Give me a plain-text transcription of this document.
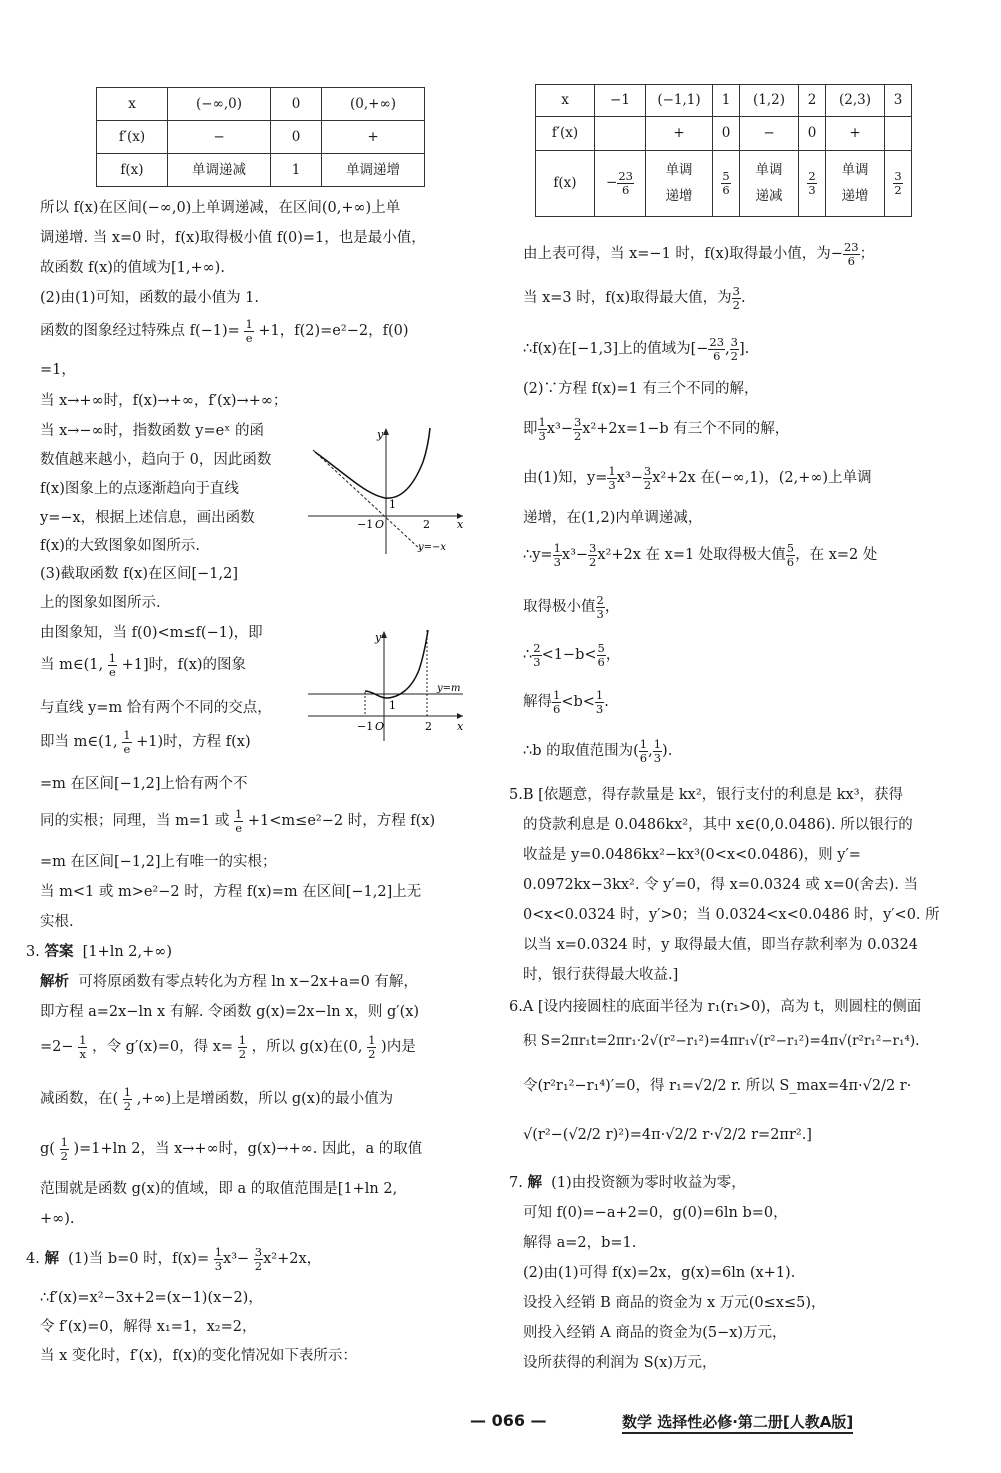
x	(−∞,0)	0	(0,+∞)
f′(x)	−	0	+
f(x)	单调递减	1	单调递增
所以 f(x)在区间(−∞,0)上单调递减，在区间(0,+∞)上单
调递增. 当 x=0 时，f(x)取得极小值 f(0)=1，也是最小值，
故函数 f(x)的值域为[1,+∞).
(2)由(1)可知，函数的最小值为 1.
函数的图象经过特殊点 $f(-1)= \frac{1}{e} +1$，f(2)=e²−2，f(0)
=1，
当 x→+∞时，f(x)→+∞，f′(x)→+∞；
当 x→−∞时，指数函数 y=eˣ 的函
数值越来越小，趋向于 0，因此函数
f(x)图象上的点逐渐趋向于直线
y=−x，根据上述信息，画出函数
f(x)的大致图象如图所示.
(3)截取函数 f(x)在区间[−1,2]
上的图象如图所示.
由图象知，当 f(0)<m≤f(−1)，即
当 m∈(1, $\frac{1}{e} +1$]时，f(x)的图象
与直线 y=m 恰有两个不同的交点，
即当 m∈(1, $\frac{1}{e} +1$)时，方程 f(x)
=m 在区间[−1,2]上恰有两个不
同的实根；同理，当 m=1 或 $\frac{1}{e} +1<m\le e^2-2$ 时，方程 f(x)
=m 在区间[−1,2]上有唯一的实根；
当 m<1 或 m>e²−2 时，方程 f(x)=m 在区间[−1,2]上无
实根.
3. 答案 [1+ln 2,+∞)
解析 可将原函数有零点转化为方程 ln x−2x+a=0 有解，
即方程 a=2x−ln x 有解. 令函数 g(x)=2x−ln x，则 g′(x)
$=2- \frac{1}{x}$ ，令 g′(x)=0，得 $x= \frac{1}{2}$ ，所以 g(x)在(0, $\frac{1}{2}$ )内是
减函数，在( $\frac{1}{2}$ ,+∞)上是增函数，所以 g(x)的最小值为
$g( \frac{1}{2} )=1+\ln$ 2，当 x→+∞时，g(x)→+∞. 因此，a 的取值
范围就是函数 g(x)的值域，即 a 的取值范围是[1+ln 2,
+∞).
4. 解 (1)当 b=0 时，$f(x)= \frac{1}{3} x^3- \frac{3}{2} x^2+2x$，
∴f′(x)=x²−3x+2=(x−1)(x−2)，
令 f′(x)=0，解得 x₁=1，x₂=2，
当 x 变化时，f′(x)，f(x)的变化情况如下表所示：
y
x
O
−1	2
1
y=−x
y
x
O
−1	2
1
y=m
x	−1	(−1,1)	1	(1,2)	2	(2,3)	3
f′(x)		+	0	−	0	+	
f(x)	− $\frac{23}{6}$	单调
递增	$\frac{5}{6}$	单调
递减	$\frac{2}{3}$	单调
递增	$\frac{3}{2}$
由上表可得，当 x=−1 时，f(x)取得最小值，为− $\frac{23}{6}$ ；
当 x=3 时，f(x)取得最大值，为 $\frac{3}{2}$ .
∴f(x)在[−1,3]上的值域为[− $\frac{23}{6}$ , $\frac{3}{2}$ ].
(2)∵方程 f(x)=1 有三个不同的解，
即 $\frac{1}{3} x^3- \frac{3}{2} x^2+2x=1-b$ 有三个不同的解，
由(1)知，$y= \frac{1}{3} x^3- \frac{3}{2} x^2+2x$ 在(−∞,1)，(2,+∞)上单调
递增，在(1,2)内单调递减，
∴y= $\frac{1}{3} x^3- \frac{3}{2} x^2+2x$ 在 x=1 处取得极大值 $\frac{5}{6}$ ，在 x=2 处
取得极小值 $\frac{2}{3}$ ，
∴ $\frac{2}{3} <1-b< \frac{5}{6}$ ，
解得 $\frac{1}{6} <b< \frac{1}{3}$ .
∴b 的取值范围为( $\frac{1}{6}$ , $\frac{1}{3}$ ).
5.B [依题意，得存款量是 kx²，银行支付的利息是 kx³，获得
的贷款利息是 0.0486kx²，其中 x∈(0,0.0486). 所以银行的
收益是 y=0.0486kx²−kx³(0<x<0.0486)，则 y′=
0.0972kx−3kx². 令 y′=0，得 x=0.0324 或 x=0(舍去). 当
0<x<0.0324 时，y′>0；当 0.0324<x<0.0486 时，y′<0. 所
以当 x=0.0324 时，y 取得最大值，即当存款利率为 0.0324
时，银行获得最大收益.]
6.A [设内接圆柱的底面半径为 r₁(r₁>0)，高为 t，则圆柱的侧面
积 S=2πr₁t=2πr₁·2√(r²−r₁²)=4πr₁√(r²−r₁²)=4π√(r²r₁²−r₁⁴).
令(r²r₁²−r₁⁴)′=0，得 r₁=√2/2 r. 所以 S_max=4π·√2/2 r·
√(r²−(√2/2 r)²)=4π·√2/2 r·√2/2 r=2πr².]
7. 解 (1)由投资额为零时收益为零，
可知 f(0)=−a+2=0，g(0)=6ln b=0，
解得 a=2，b=1.
(2)由(1)可得 f(x)=2x，g(x)=6ln (x+1).
设投入经销 B 商品的资金为 x 万元(0≤x≤5)，
则投入经销 A 商品的资金为(5−x)万元，
设所获得的利润为 S(x)万元，
— 066 —	数学 选择性必修·第二册[人教A版]
